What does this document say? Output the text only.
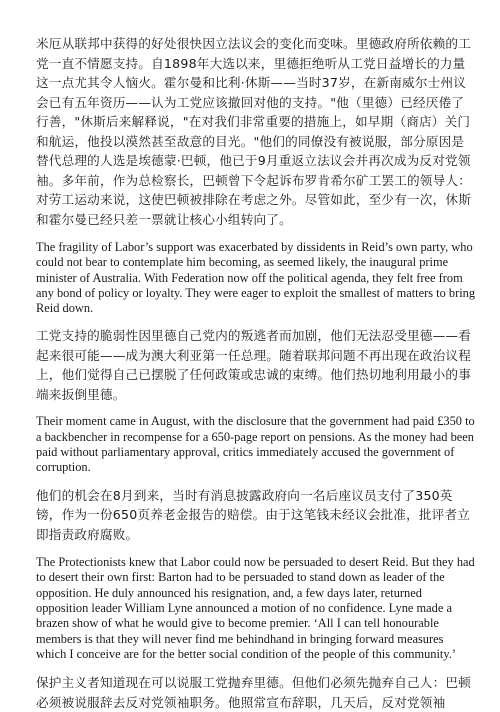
米厄从联邦中获得的好处很快因立法议会的变化而变味。里德政府所依赖的工党一直不情愿支持。自1898年大选以来，里德拒绝听从工党日益增长的力量这一点尤其令人恼火。霍尔曼和比利·休斯——当时37岁，在新南威尔士州议会已有五年资历——认为工党应该撤回对他的支持。"他（里德）已经厌倦了行善，"休斯后来解释说，"在对我们非常重要的措施上，如早期（商店）关门和航运，他投以漠然甚至敌意的目光。"他们的同僚没有被说服，部分原因是替代总理的人选是埃德蒙·巴顿，他已于9月重返立法议会并再次成为反对党领袖。多年前，作为总检察长，巴顿曾下令起诉布罗肯希尔矿工罢工的领导人：对劳工运动来说，这使巴顿被排除在考虑之外。尽管如此，至少有一次，休斯和霍尔曼已经只差一票就让核心小组转向了。

The fragility of Labor’s support was exacerbated by dissidents in Reid’s own party, who could not bear to contemplate him becoming, as seemed likely, the inaugural prime minister of Australia. With Federation now off the political agenda, they felt free from any bond of policy or loyalty. They were eager to exploit the smallest of matters to bring Reid down.

工党支持的脆弱性因里德自己党内的叛逃者而加剧，他们无法忍受里德——看起来很可能——成为澳大利亚第一任总理。随着联邦问题不再出现在政治议程上，他们觉得自己已摆脱了任何政策或忠诚的束缚。他们热切地利用最小的事端来扳倒里德。

Their moment came in August, with the disclosure that the government had paid £350 to a backbencher in recompense for a 650-page report on pensions. As the money had been paid without parliamentary approval, critics immediately accused the government of corruption.

他们的机会在8月到来，当时有消息披露政府向一名后座议员支付了350英镑，作为一份650页养老金报告的赔偿。由于这笔钱未经议会批准，批评者立即指责政府腐败。

The Protectionists knew that Labor could now be persuaded to desert Reid. But they had to desert their own first: Barton had to be persuaded to stand down as leader of the opposition. He duly announced his resignation, and, a few days later, returned opposition leader William Lyne announced a motion of no confidence. Lyne made a brazen show of what he would give to become premier. ‘All I can tell honourable members is that they will never find me behindhand in bringing forward measures which I conceive are for the better social condition of the people of this community.’

保护主义者知道现在可以说服工党抛弃里德。但他们必须先抛弃自己人：巴顿必须被说服辞去反对党领袖职务。他照常宣布辞职，几天后，反对党领袖
